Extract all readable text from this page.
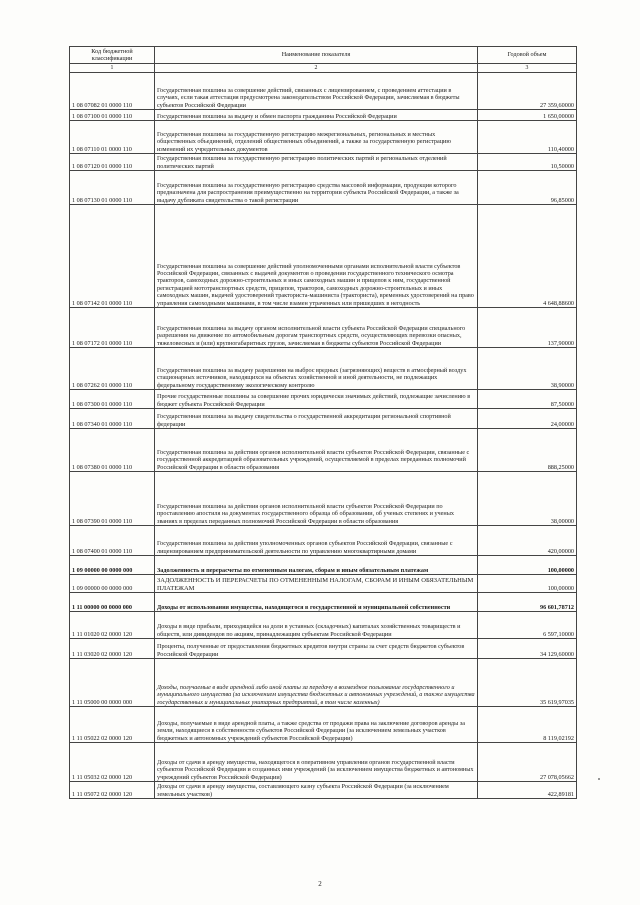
Код бюджетной классификации	Наименование показателя	Годовой объем
1	2	3
1 08 07082 01 0000 110	Государственная пошлина за совершение действий, связанных с лицензированием, с проведением аттестации в случаях, если такая аттестация предусмотрена законодательством Российской Федерации, зачисляемая в бюджеты субъектов Российской Федерации	27 359,60000
1 08 07100 01 0000 110	Государственная пошлина за выдачу и обмен паспорта гражданина Российской Федерации	1 650,00000
1 08 07110 01 0000 110	Государственная пошлина за государственную регистрацию межрегиональных, региональных и местных общественных объединений, отделений общественных объединений, а также за государственную регистрацию изменений их учредительных документов	110,40000
1 08 07120 01 0000 110	Государственная пошлина за государственную регистрацию политических партий и региональных отделений политических партий	10,50000
1 08 07130 01 0000 110	Государственная пошлина за государственную регистрацию средства массовой информации, продукция которого предназначена для распространения преимущественно на территории субъекта Российской Федерации, а также за выдачу дубликата свидетельства о такой регистрации	96,85000
1 08 07142 01 0000 110	Государственная пошлина за совершение действий уполномоченными органами исполнительной власти субъектов Российской Федерации, связанных с выдачей документов о проведении государственного технического осмотра тракторов, самоходных дорожно-строительных и иных самоходных машин и прицепов к ним, государственной регистрацией мототранспортных средств, прицепов, тракторов, самоходных дорожно-строительных и иных самоходных машин, выдачей удостоверений тракториста-машиниста (тракториста), временных удостоверений на право управления самоходными машинами, в том числе взамен утраченных или пришедших в негодность	4 648,88600
1 08 07172 01 0000 110	Государственная пошлина за выдачу органом исполнительной власти субъекта Российской Федерации специального разрешения на движение по автомобильным дорогам транспортных средств, осуществляющих перевозки опасных, тяжеловесных и (или) крупногабаритных грузов, зачисляемая в бюджеты субъектов Российской Федерации	137,90000
1 08 07262 01 0000 110	Государственная пошлина за выдачу разрешения на выброс вредных (загрязняющих) веществ в атмосферный воздух стационарных источников, находящихся на объектах хозяйственной и иной деятельности, не подлежащих федеральному государственному экологическому контролю	38,90000
1 08 07300 01 0000 110	Прочие государственные пошлины за совершение прочих юридически значимых действий, подлежащие зачислению в бюджет субъекта Российской Федерации	87,50000
1 08 07340 01 0000 110	Государственная пошлина за выдачу свидетельства о государственной аккредитации региональной спортивной федерации	24,00000
1 08 07380 01 0000 110	Государственная пошлина за действия органов исполнительной власти субъектов Российской Федерации, связанные с государственной аккредитацией образовательных учреждений, осуществляемой в пределах переданных полномочий Российской Федерации в области образования	888,25000
1 08 07390 01 0000 110	Государственная пошлина за действия органов исполнительной власти субъектов Российской Федерации по проставлению апостиля на документах государственного образца об образовании, об ученых степенях и ученых званиях в пределах переданных полномочий Российской Федерации в области образования	38,00000
1 08 07400 01 0000 110	Государственная пошлина за действия уполномоченных органов субъектов Российской Федерации, связанные с лицензированием предпринимательской деятельности по управлению многоквартирными домами	420,00000
1 09 00000 00 0000 000	Задолженность и перерасчеты по отмененным налогам, сборам и иным обязательным платежам	100,00000
1 09 00000 00 0000 000	ЗАДОЛЖЕННОСТЬ И ПЕРЕРАСЧЕТЫ ПО ОТМЕНЕННЫМ НАЛОГАМ, СБОРАМ И ИНЫМ ОБЯЗАТЕЛЬНЫМ ПЛАТЕЖАМ	100,00000
1 11 00000 00 0000 000	Доходы от использования имущества, находящегося в государственной и муниципальной собственности	96 601,78712
1 11 01020 02 0000 120	Доходы в виде прибыли, приходящейся на доли в уставных (складочных) капиталах хозяйственных товариществ и обществ, или дивидендов по акциям, принадлежащим субъектам Российской Федерации	6 597,10000
1 11 03020 02 0000 120	Проценты, полученные от предоставления бюджетных кредитов внутри страны за счет средств бюджетов субъектов Российской Федерации	34 129,60000
1 11 05000 00 0000 000	Доходы, получаемые в виде арендной либо иной платы за передачу в возмездное пользование государственного и муниципального имущества (за исключением имущества бюджетных и автономных учреждений, а также имущества государственных и муниципальных унитарных предприятий, в том числе казенных)	35 619,97035
1 11 05022 02 0000 120	Доходы, получаемые в виде арендной платы, а также средства от продажи права на заключение договоров аренды за земли, находящиеся в собственности субъектов Российской Федерации (за исключением земельных участков бюджетных и автономных учреждений субъектов Российской Федерации)	8 119,02192
1 11 05032 02 0000 120	Доходы от сдачи в аренду имущества, находящегося в оперативном управлении органов государственной власти субъектов Российской Федерации и созданных ими учреждений (за исключением имущества бюджетных и автономных учреждений субъектов Российской Федерации)	27 078,05662
1 11 05072 02 0000 120	Доходы от сдачи в аренду имущества, составляющего казну субъекта Российской Федерации (за исключением земельных участков)	422,89181
2
